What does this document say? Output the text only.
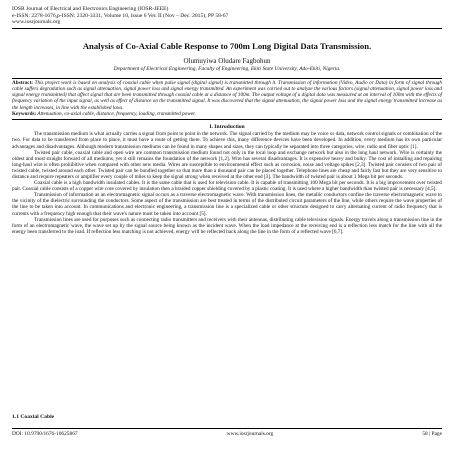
IOSR Journal of Electrical and Electronics Engineering (IOSR-JEEE)
e-ISSN: 2278-1676,p-ISSN: 2320-3331, Volume 10, Issue 6 Ver. II (Nov – Dec. 2015), PP 58-67
www.iosrjournals.org
Analysis of Co-Axial Cable Response to 700m Long Digital Data Transmission.
Olumuyiwa Oludare Fagbohun
Department of Electrical Engineering, Faculty of Engineering, Ekiti State University, Ado-Ekiti, Nigeria.

Abstract: This project work is based on analysis of coaxial cable when pulse signal (digital signal) is transmitted through it. Transmission of information (Video, Audio or Data) in form of signal through cable suffers degradation such as signal attenuation, signal power loss and signal energy transmitted. An experiment was carried out to analyze the various factors (signal attenuation, signal power loss and signal energy transmitted) that affect signal that are been transmitted through coaxial cable at a distance of 100m. The output voltage of a digital data was measured at an interval of 100m with the effects of frequency variation of the input signal, as well as effect of distance on the transmitted signal. It was discovered that the signal attenuation, the signal power loss and the signal energy transmitted increase as the length increases, in line with the established laws.

Keywords: Attenuation, co-axial cable, distance, frequency, loading, transmitted power.

I. Introduction

The transmission medium is what actually carries a signal from point to point in the network. The signal carried by the medium may be voice or data, network control signals or combination of the two. For data to be transferred from place to place, it must have a route of getting there. To achieve this, many difference devices have been developed. In addition, every medium has its own particular advantages and disadvantages. Although modern transmission mediums can be found in many shapes and sizes, they can typically be separated into three categories, wire, radio and fiber optic [1].

Twisted pair cable, coaxial cable and open wire are common transmission medium found not only in the local loop and exchange network but also in the long haul network. Wire is certainly the oldest and most straight forward of all mediums, yet it still remains the foundation of the network [1,2]. Wire has several disadvantages. It is expensive heavy and bulky. The cost of installing and repairing long-haul wire is often prohibitive when compared with other new media. Wires are susceptible to environmental effect such as corrosion, noise and voltage spikes [2,3]. Twisted pair consists of two pair of twisted cable, twisted around each other. Twisted pair can be bundled together so that more than a thousand pair can be placed together. Telephone lines are cheap and fairly fast but they are very sensitive to distance and require repeaters or amplifier every couple of miles to keep the signal strong when received at the other end [3]. The bandwidth of twisted pair is about 1 Mega bit per seconds.

Coaxial cable is a high bandwidth insulated cables. It is the same cable that is used for television cable. It is capable of transmitting 100 Mega bit per seconds. It is a big improvement over twisted pair. Coaxial cable consists of a copper wire core covered by insulation then a braided copper shielding covered by a plastic coating. It is used where a higher bandwidth than twisted pair is necessary [4,5].

Transmission of information as an electromagnetic signal occurs as a traverse electromagnetic wave. With transmission lines, the metallic conductors confine the traverse electromagnetic wave to the vicinity of the dielectric surrounding the conductors. Some aspect of the transmission are best treated in terms of the distributed circuit parameters of the line, while others require the wave properties of the line to be taken into account. In communications and electronic engineering, a transmission line is a specialized cable or other structure designed to carry alternating current of radio frequency that is currents with a frequency high enough that their wave's nature must be taken into account [5].

Transmission lines are used for purposes such as connecting radio transmitters and receivers with their antennas, distributing cable television signals. Energy travels along a transmission line in the form of an electromagnetic wave, the wave set up by the signal source being known as the incident wave. When the load impedance at the receiving end is a reflection less match for the line with all the energy been transferred to the load. If reflection less matching is not achieved, energy will be reflected back along the line in the form of a reflected wave [6,7].

1.1 Coaxial Cable
DOI: 10.9790/1676-10625867	www.iosrjournals.org	58 | Page
